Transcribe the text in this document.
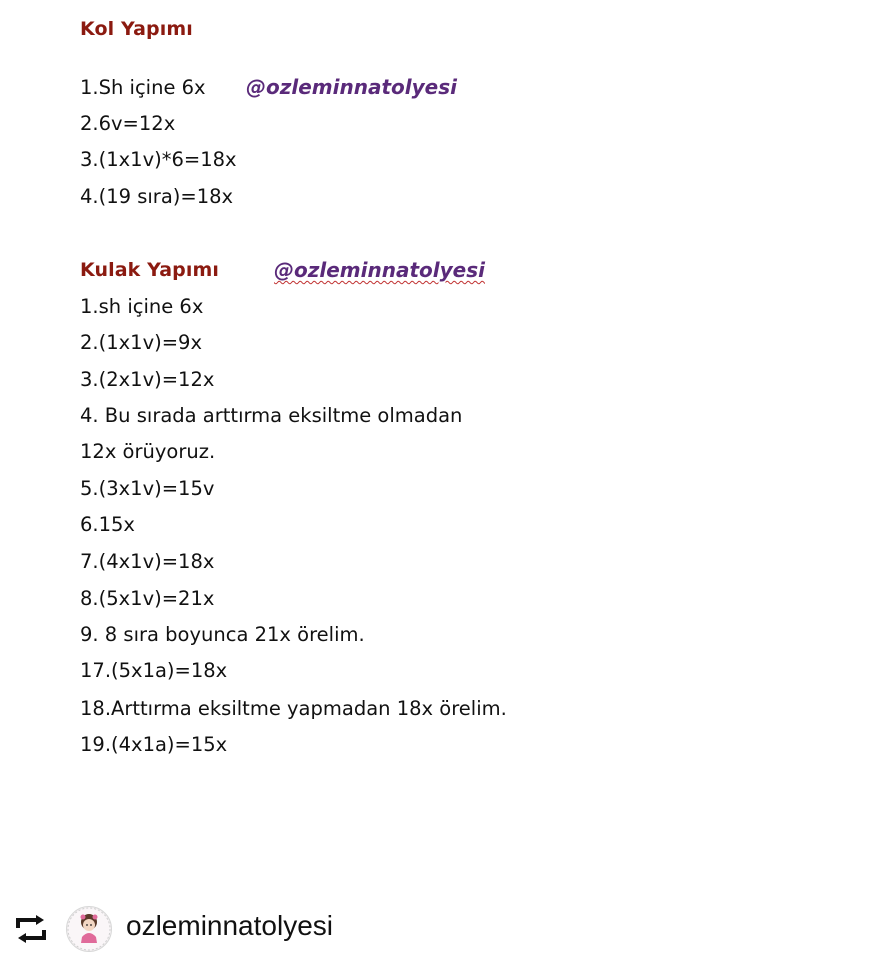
Kol Yapımı
1.Sh içine 6x @ozleminnatolyesi
2.6v=12x
3.(1x1v)*6=18x
4.(19 sıra)=18x
Kulak Yapımı	@ozleminnatolyesi
1.sh içine 6x
2.(1x1v)=9x
3.(2x1v)=12x
4. Bu sırada arttırma eksiltme olmadan
12x örüyoruz.
5.(3x1v)=15v
6.15x
7.(4x1v)=18x
8.(5x1v)=21x
9. 8 sıra boyunca 21x örelim.
17.(5x1a)=18x
18.Arttırma eksiltme yapmadan 18x örelim.
19.(4x1a)=15x
ozleminnatolyesi
